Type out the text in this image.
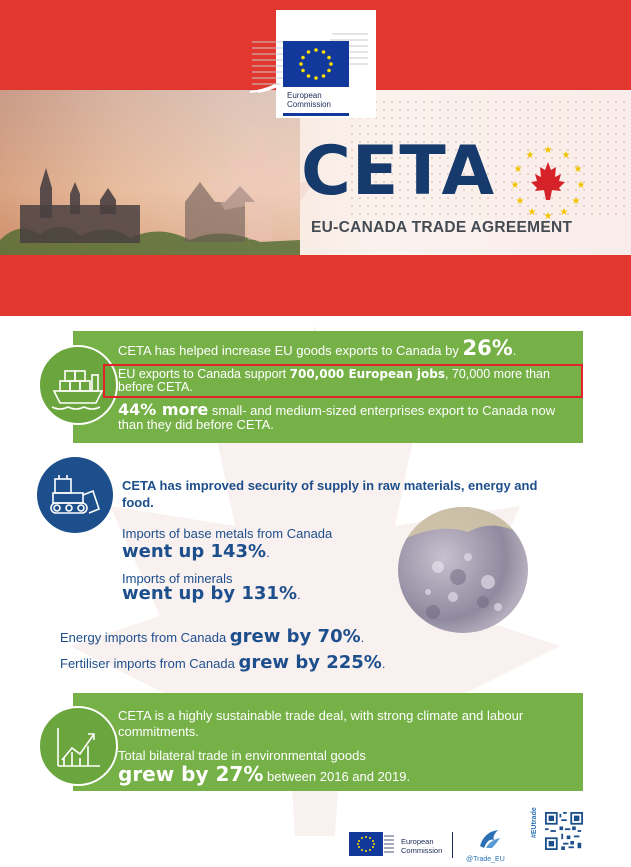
European
Commission
CETA
EU-CANADA TRADE AGREEMENT
★ ★
★
★
★
★
★
★
★
★
★
★
CETA has helped increase EU goods exports to Canada by 26%.
EU exports to Canada support 700,000 European jobs, 70,000 more than before CETA.
44% more small- and medium-sized enterprises export to Canada now than they did before CETA.
CETA has improved security of supply in raw materials, energy and food.
Imports of base metals from Canada
went up 143%.
Imports of minerals
went up by 131%.
Energy imports from Canada grew by 70%.
Fertiliser imports from Canada grew by 225%.
CETA is a highly sustainable trade deal, with strong climate and labour commitments.
Total bilateral trade in environmental goods
grew by 27% between 2016 and 2019.
European
Commission
@Trade_EU
#EUtrade
